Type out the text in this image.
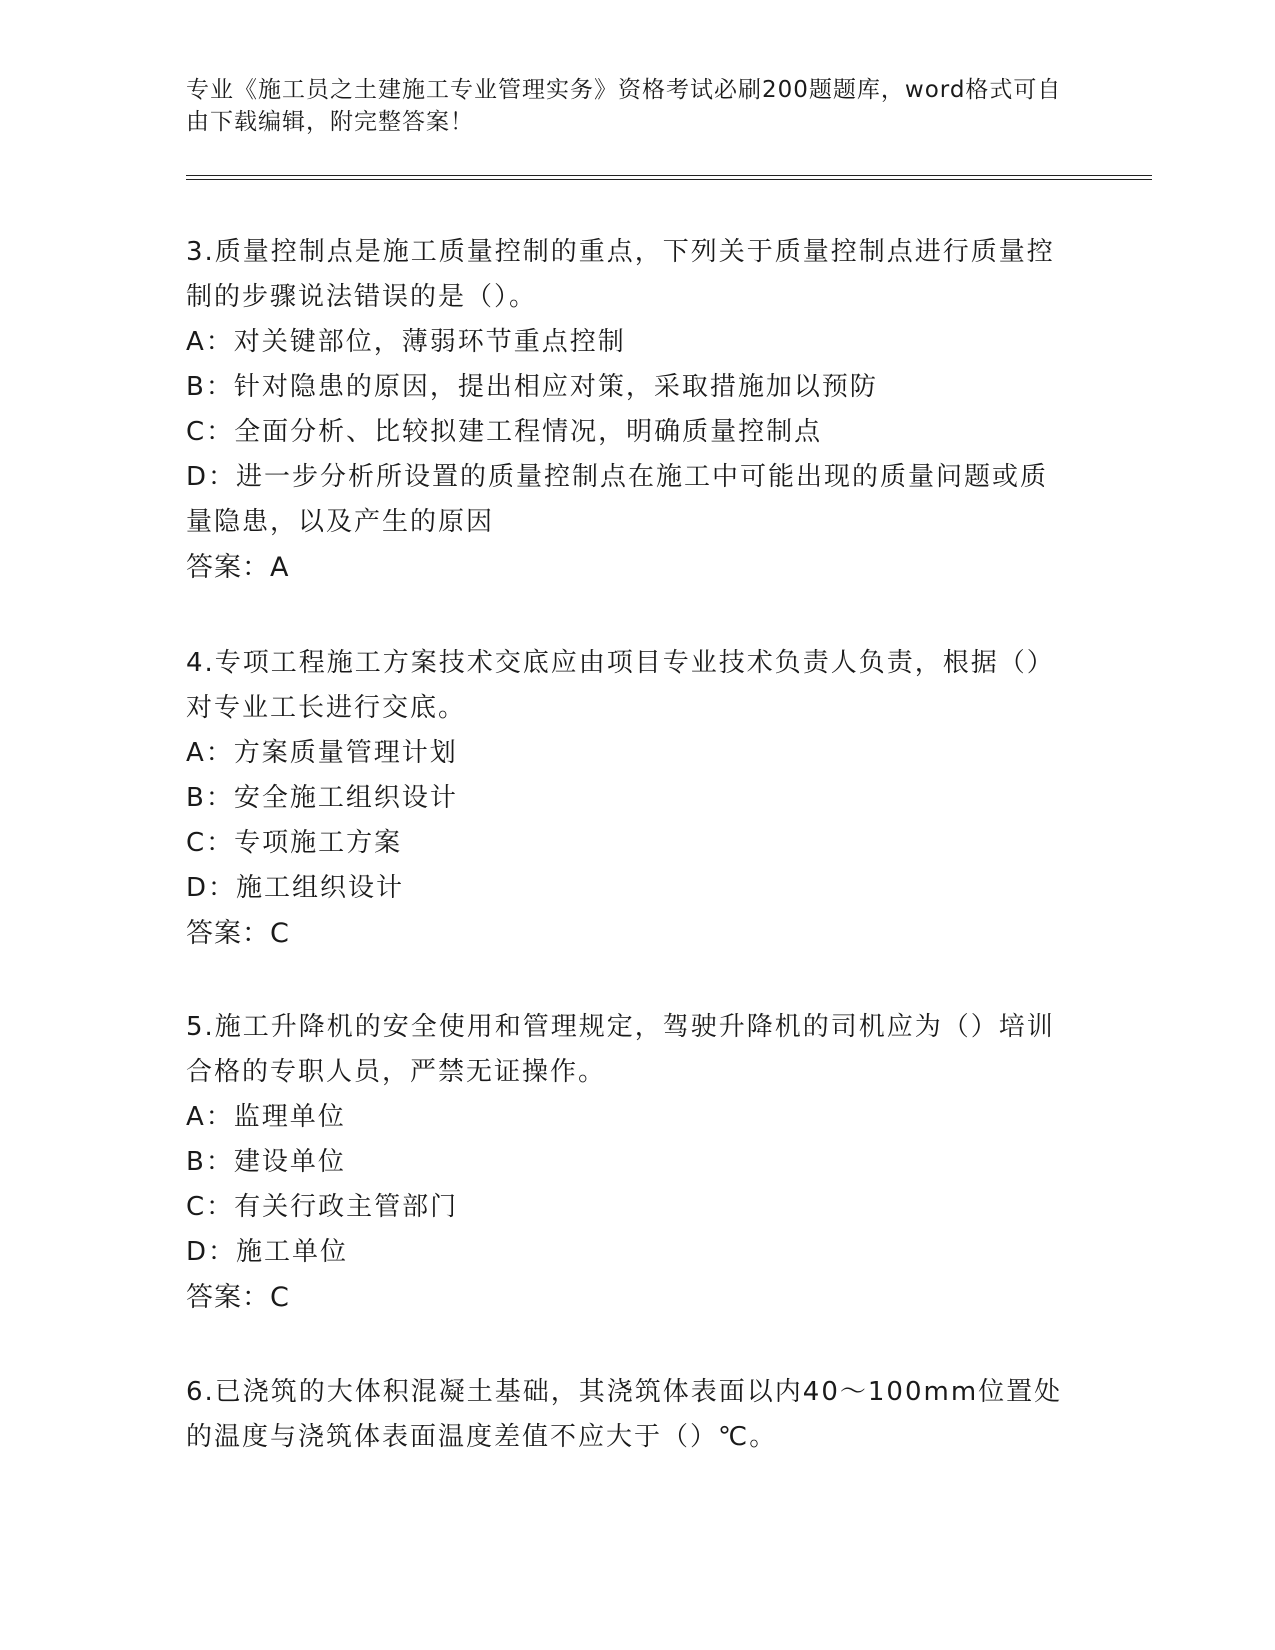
专业《施工员之土建施工专业管理实务》资格考试必刷200题题库，word格式可自由下载编辑，附完整答案！

3.质量控制点是施工质量控制的重点，下列关于质量控制点进行质量控制的步骤说法错误的是（）。

A：对关键部位，薄弱环节重点控制

B：针对隐患的原因，提出相应对策，采取措施加以预防

C：全面分析、比较拟建工程情况，明确质量控制点

D：进一步分析所设置的质量控制点在施工中可能出现的质量问题或质量隐患，以及产生的原因

答案：A

4.专项工程施工方案技术交底应由项目专业技术负责人负责，根据（）对专业工长进行交底。

A：方案质量管理计划

B：安全施工组织设计

C：专项施工方案

D：施工组织设计

答案：C

5.施工升降机的安全使用和管理规定，驾驶升降机的司机应为（）培训合格的专职人员，严禁无证操作。

A：监理单位

B：建设单位

C：有关行政主管部门

D：施工单位

答案：C

6.已浇筑的大体积混凝土基础，其浇筑体表面以内40～100mm位置处的温度与浇筑体表面温度差值不应大于（）℃。
